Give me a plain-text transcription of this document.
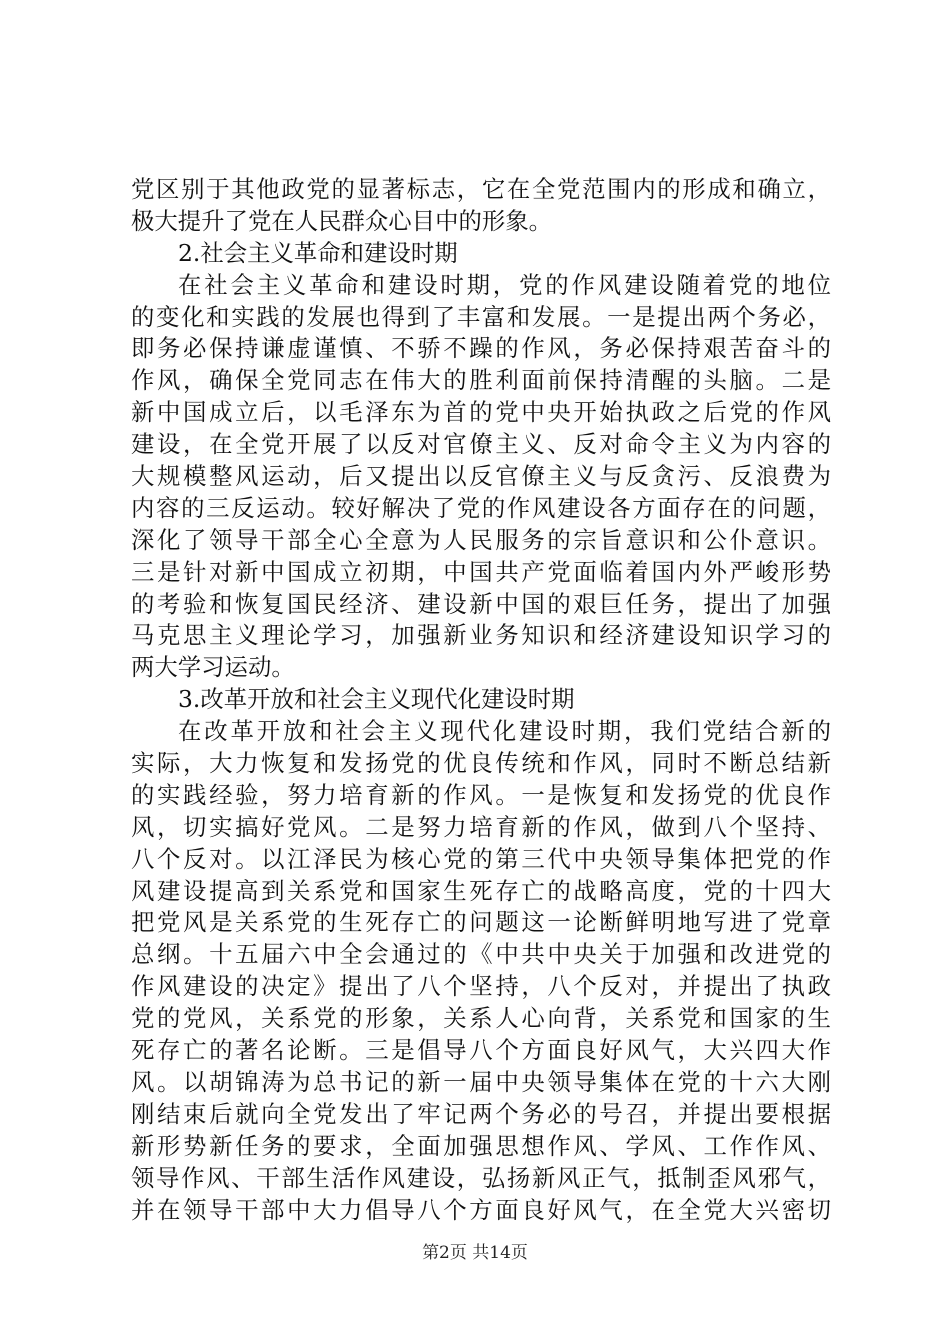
党区别于其他政党的显著标志，它在全党范围内的形成和确立，
极大提升了党在人民群众心目中的形象。
2.社会主义革命和建设时期
在社会主义革命和建设时期，党的作风建设随着党的地位
的变化和实践的发展也得到了丰富和发展。一是提出两个务必，
即务必保持谦虚谨慎、不骄不躁的作风，务必保持艰苦奋斗的
作风，确保全党同志在伟大的胜利面前保持清醒的头脑。二是
新中国成立后，以毛泽东为首的党中央开始执政之后党的作风
建设，在全党开展了以反对官僚主义、反对命令主义为内容的
大规模整风运动，后又提出以反官僚主义与反贪污、反浪费为
内容的三反运动。较好解决了党的作风建设各方面存在的问题，
深化了领导干部全心全意为人民服务的宗旨意识和公仆意识。
三是针对新中国成立初期，中国共产党面临着国内外严峻形势
的考验和恢复国民经济、建设新中国的艰巨任务，提出了加强
马克思主义理论学习，加强新业务知识和经济建设知识学习的
两大学习运动。
3.改革开放和社会主义现代化建设时期
在改革开放和社会主义现代化建设时期，我们党结合新的
实际，大力恢复和发扬党的优良传统和作风，同时不断总结新
的实践经验，努力培育新的作风。一是恢复和发扬党的优良作
风，切实搞好党风。二是努力培育新的作风，做到八个坚持、
八个反对。以江泽民为核心党的第三代中央领导集体把党的作
风建设提高到关系党和国家生死存亡的战略高度，党的十四大
把党风是关系党的生死存亡的问题这一论断鲜明地写进了党章
总纲。十五届六中全会通过的《中共中央关于加强和改进党的
作风建设的决定》提出了八个坚持，八个反对，并提出了执政
党的党风，关系党的形象，关系人心向背，关系党和国家的生
死存亡的著名论断。三是倡导八个方面良好风气，大兴四大作
风。以胡锦涛为总书记的新一届中央领导集体在党的十六大刚
刚结束后就向全党发出了牢记两个务必的号召，并提出要根据
新形势新任务的要求，全面加强思想作风、学风、工作作风、
领导作风、干部生活作风建设，弘扬新风正气，抵制歪风邪气，
并在领导干部中大力倡导八个方面良好风气，在全党大兴密切
第2页 共14页
